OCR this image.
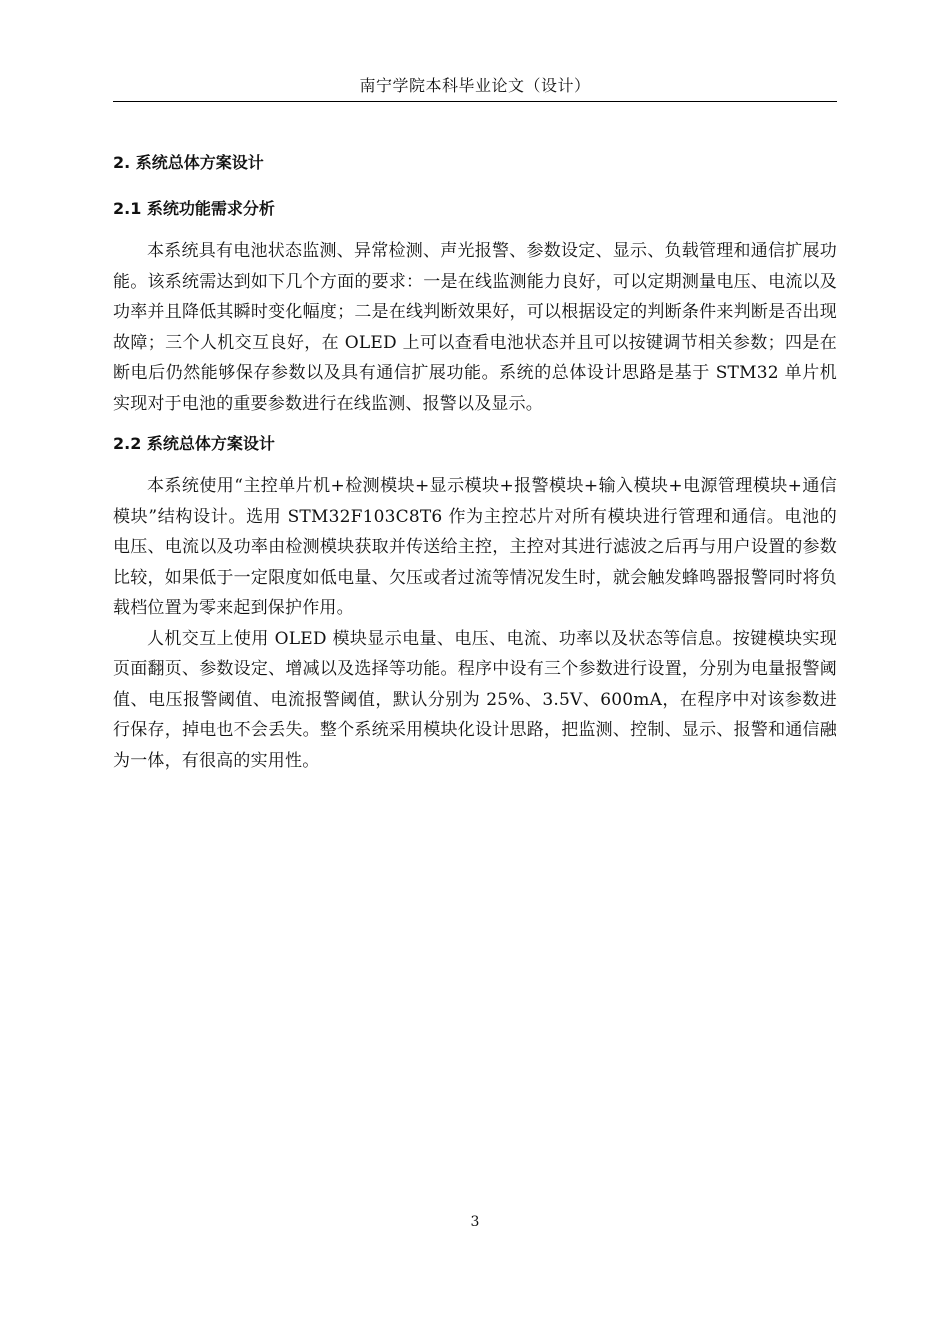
南宁学院本科毕业论文（设计）
2. 系统总体方案设计
2.1 系统功能需求分析

本系统具有电池状态监测、异常检测、声光报警、参数设定、显示、负载管理和通信扩展功能。该系统需达到如下几个方面的要求：一是在线监测能力良好，可以定期测量电压、电流以及功率并且降低其瞬时变化幅度；二是在线判断效果好，可以根据设定的判断条件来判断是否出现故障；三个人机交互良好，在 OLED 上可以查看电池状态并且可以按键调节相关参数；四是在断电后仍然能够保存参数以及具有通信扩展功能。系统的总体设计思路是基于 STM32 单片机实现对于电池的重要参数进行在线监测、报警以及显示。

2.2 系统总体方案设计

本系统使用“主控单片机+检测模块+显示模块+报警模块+输入模块+电源管理模块+通信模块”结构设计。选用 STM32F103C8T6 作为主控芯片对所有模块进行管理和通信。电池的电压、电流以及功率由检测模块获取并传送给主控，主控对其进行滤波之后再与用户设置的参数比较，如果低于一定限度如低电量、欠压或者过流等情况发生时，就会触发蜂鸣器报警同时将负载档位置为零来起到保护作用。

人机交互上使用 OLED 模块显示电量、电压、电流、功率以及状态等信息。按键模块实现页面翻页、参数设定、增减以及选择等功能。程序中设有三个参数进行设置，分别为电量报警阈值、电压报警阈值、电流报警阈值，默认分别为 25%、3.5V、600mA，在程序中对该参数进行保存，掉电也不会丢失。整个系统采用模块化设计思路，把监测、控制、显示、报警和通信融为一体，有很高的实用性。

3
